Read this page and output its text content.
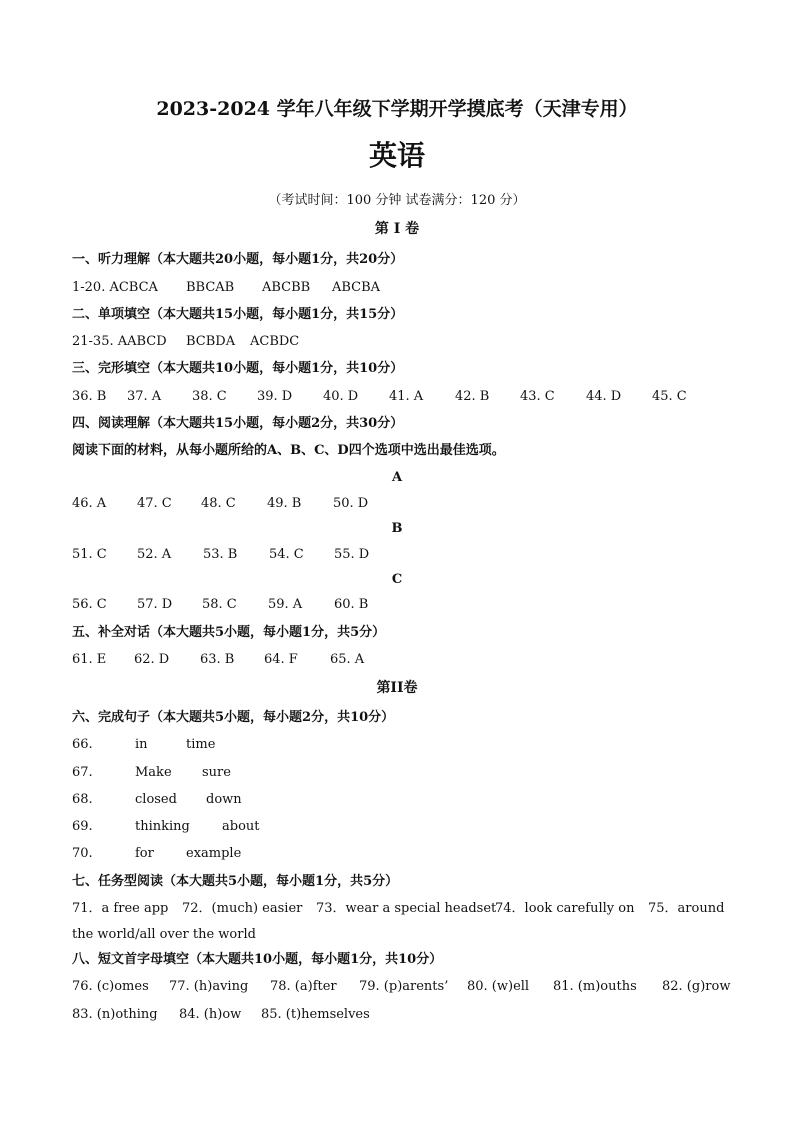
2023-2024 学年八年级下学期开学摸底考（天津专用）
英语
（考试时间：100 分钟 试卷满分：120 分）
第 I 卷
一、听力理解（本大题共20小题，每小题1分，共20分）
1-20. ACBCA BBCAB ABCBB ABCBA
二、单项填空（本大题共15小题，每小题1分，共15分）
21-35. AABCD BCBDA ACBDC
三、完形填空（本大题共10小题，每小题1分，共10分）
36. B 37. A 38. C 39. D 40. D 41. A 42. B 43. C 44. D 45. C
四、阅读理解（本大题共15小题，每小题2分，共30分）
阅读下面的材料，从每小题所给的A、B、C、D四个选项中选出最佳选项。
A
46. A 47. C 48. C 49. B 50. D
B
51. C 52. A 53. B 54. C 55. D
C
56. C 57. D 58. C 59. A 60. B
五、补全对话（本大题共5小题，每小题1分，共5分）
61. E 62. D 63. B 64. F 65. A
第II卷
六、完成句子（本大题共5小题，每小题2分，共10分）
66.	in	time
67.	Make sure
68.	closed down
69.	thinking about
70.	for example
七、任务型阅读（本大题共5小题，每小题1分，共5分）
71．a free app 72．(much) easier 73．wear a special headset74．look carefully on 75．around
the world/all over the world
八、短文首字母填空（本大题共10小题，每小题1分，共10分）
76. (c)omes 77. (h)aving 78. (a)fter 79. (p)arents’ 80. (w)ell 81. (m)ouths 82. (g)row
83. (n)othing 84. (h)ow 85. (t)hemselves
